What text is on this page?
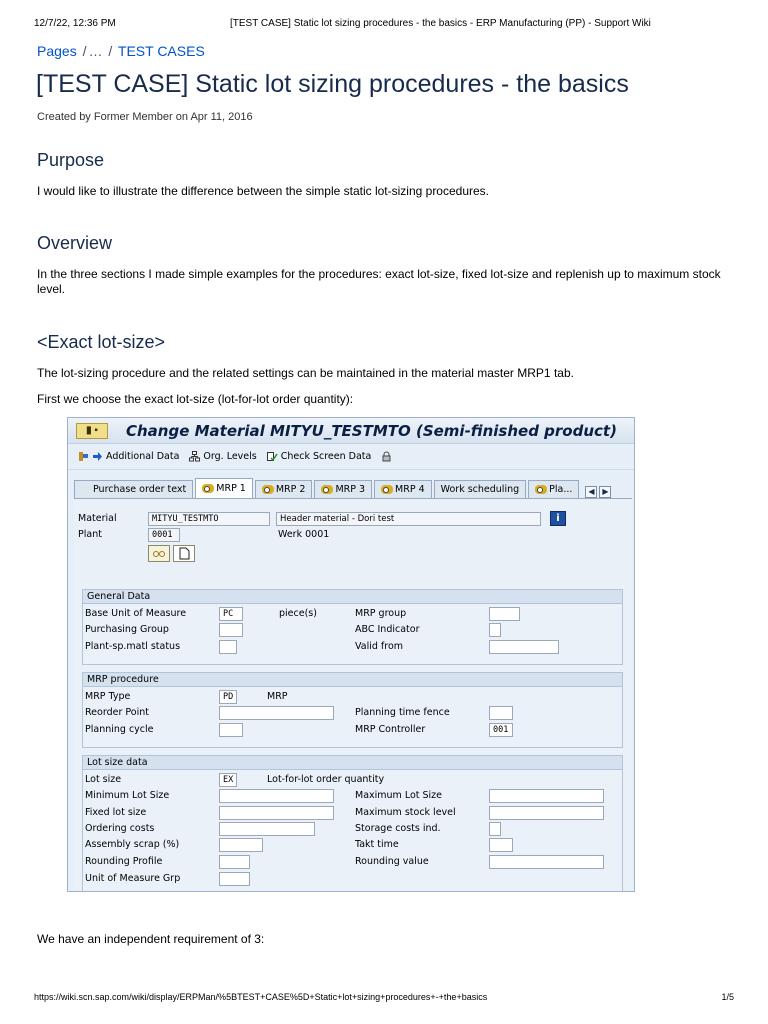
12/7/22, 12:36 PM	[TEST CASE] Static lot sizing procedures - the basics - ERP Manufacturing (PP) - Support Wiki
Pages / … / TEST CASES
[TEST CASE] Static lot sizing procedures - the basics
Created by Former Member on Apr 11, 2016
Purpose

I would like to illustrate the difference between the simple static lot-sizing procedures.

Overview

In the three sections I made simple examples for the procedures: exact lot-size, fixed lot-size and replenish up to maximum stock level.

<Exact lot-size>

The lot-sizing procedure and the related settings can be maintained in the material master MRP1 tab.

First we choose the exact lot-size (lot-for-lot order quantity):

▮ ▪	Change Material MITYU_TESTMTO (Semi-finished product)
Additional Data	Org. Levels	Check Screen Data
Purchase order text	MRP 1	MRP 2	MRP 3	MRP 4 Work scheduling	Pla...	◀ ▶
Material	MITYU_TESTMTO	Header material - Dori test	i
Plant	0001	Werk 0001
General Data
Base Unit of Measure	PC	piece(s)	MRP group
Purchasing Group	ABC Indicator
Plant-sp.matl status	Valid from
MRP procedure
MRP Type	PD	MRP
Reorder Point	Planning time fence
Planning cycle	MRP Controller	001
Lot size data
Lot size	EX	Lot-for-lot order quantity
Minimum Lot Size	Maximum Lot Size
Fixed lot size	Maximum stock level
Ordering costs	Storage costs ind.
Assembly scrap (%)	Takt time
Rounding Profile	Rounding value
Unit of Measure Grp

We have an independent requirement of 3:

https://wiki.scn.sap.com/wiki/display/ERPMan/%5BTEST+CASE%5D+Static+lot+sizing+procedures+-+the+basics	1/5
